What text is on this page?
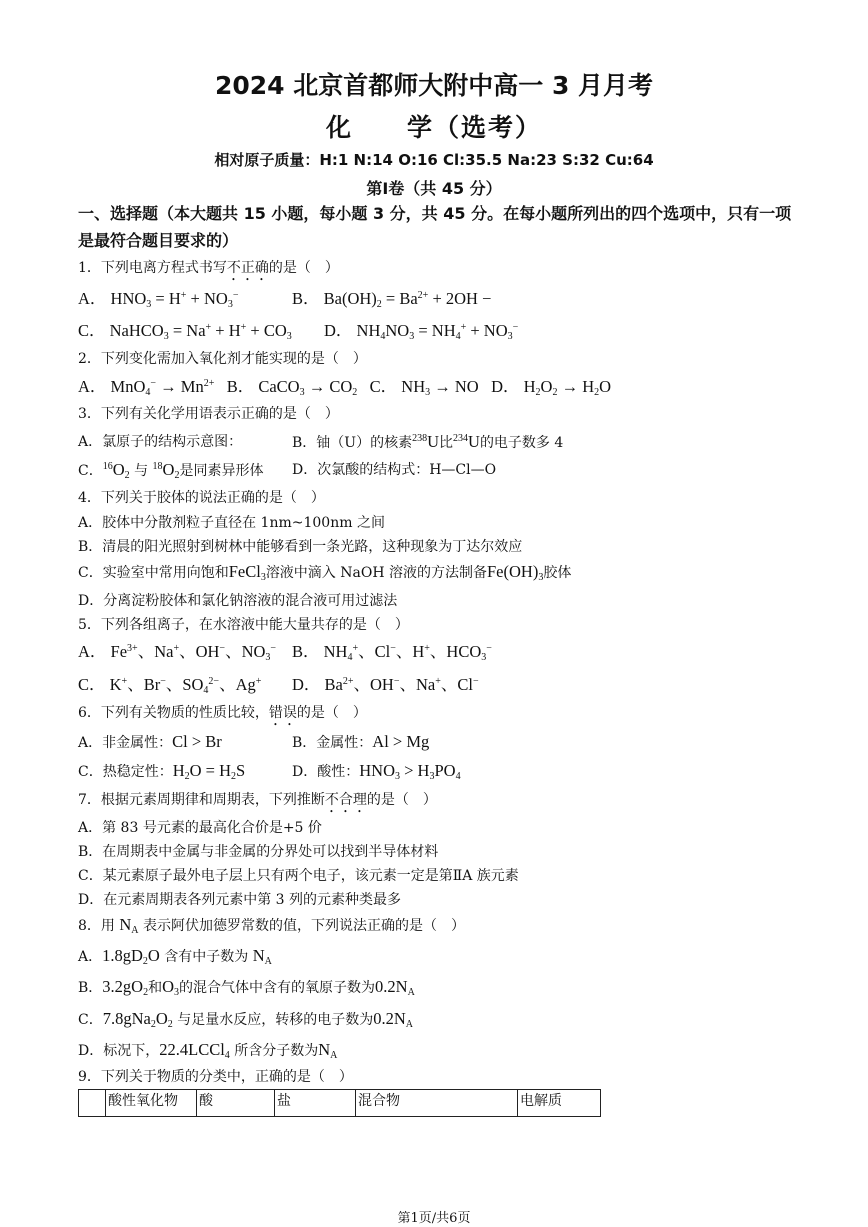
2024 北京首都师大附中高一 3 月月考
化　　学（选考）
相对原子质量：H:1 N:14 O:16 Cl:35.5 Na:23 S:32 Cu:64
第Ⅰ卷（共 45 分）
一、选择题（本大题共 15 小题，每小题 3 分，共 45 分。在每小题所列出的四个选项中，只有一项是最符合题目要求的）
1．下列电离方程式书写不正确的是（　）
A． $HNO_3 = H^+ + NO_3^-$	B． $Ba(OH)_2 = Ba^{2+} + 2OH$ −
C． NaHCO$_3$ = $Na^+ + H^+ + CO_3$ D． $NH_4NO_3 = NH_4^+ + NO_3^-$
2．下列变化需加入氧化剂才能实现的是（　）
A． $MnO_4^- \to Mn^{2+}$   B． CaCO$_3$ → $CO_2$   C． $NH_3$ → NO   D． $H_2O_2 \to H_2O$
3．下列有关化学用语表示正确的是（　）
A．氯原子的结构示意图：	B．铀（U）的核素$^{238}$U比$^{234}$U的电子数多 4
C．$^{16}O_2$ 与 $^{18}O_2$是同素异形体 D．次氯酸的结构式：H—Cl—O
4．下列关于胶体的说法正确的是（　）
A．胶体中分散剂粒子直径在 1nm~100nm 之间
B．清晨的阳光照射到树林中能够看到一条光路，这种现象为丁达尔效应
C．实验室中常用向饱和FeCl$_3$溶液中滴入 NaOH 溶液的方法制备$Fe(OH)_3$胶体
D．分离淀粉胶体和氯化钠溶液的混合液可用过滤法
5．下列各组离子，在水溶液中能大量共存的是（　）
A． $Fe^{3+}$、Na+、OH−、$NO_3^-$ B． $NH_4^+$、Cl−、H+、$HCO_3^-$
C． K+、Br−、$SO_4^{2-}$、Ag+ D． $Ba^{2+}$、OH−、Na+、Cl−
6．下列有关物质的性质比较，错误的是（　）
A．非金属性：Cl > Br	B．金属性：Al > Mg
C．热稳定性：$H_2O = H_2S$	D．酸性：$HNO_3 > H_3PO_4$
7．根据元素周期律和周期表，下列推断不合理的是（　）
A．第 83 号元素的最高化合价是+5 价
B．在周期表中金属与非金属的分界处可以找到半导体材料
C．某元素原子最外电子层上只有两个电子，该元素一定是第ⅡA 族元素
D．在元素周期表各列元素中第 3 列的元素种类最多
8．用 $N_A$ 表示阿伏加德罗常数的值，下列说法正确的是（　）
A．$1.8gD_2O$ 含有中子数为 $N_A$
B．$3.2gO_2$和$O_3$的混合气体中含有的氧原子数为$0.2N_A$
C．$7.8gNa_2O_2$ 与足量水反应，转移的电子数为$0.2N_A$
D．标况下，22.4LCCl$_4$ 所含分子数为$N_A$
9．下列关于物质的分类中，正确的是（　）
	酸性氧化物	酸	盐	混合物	电解质
第1页/共6页
